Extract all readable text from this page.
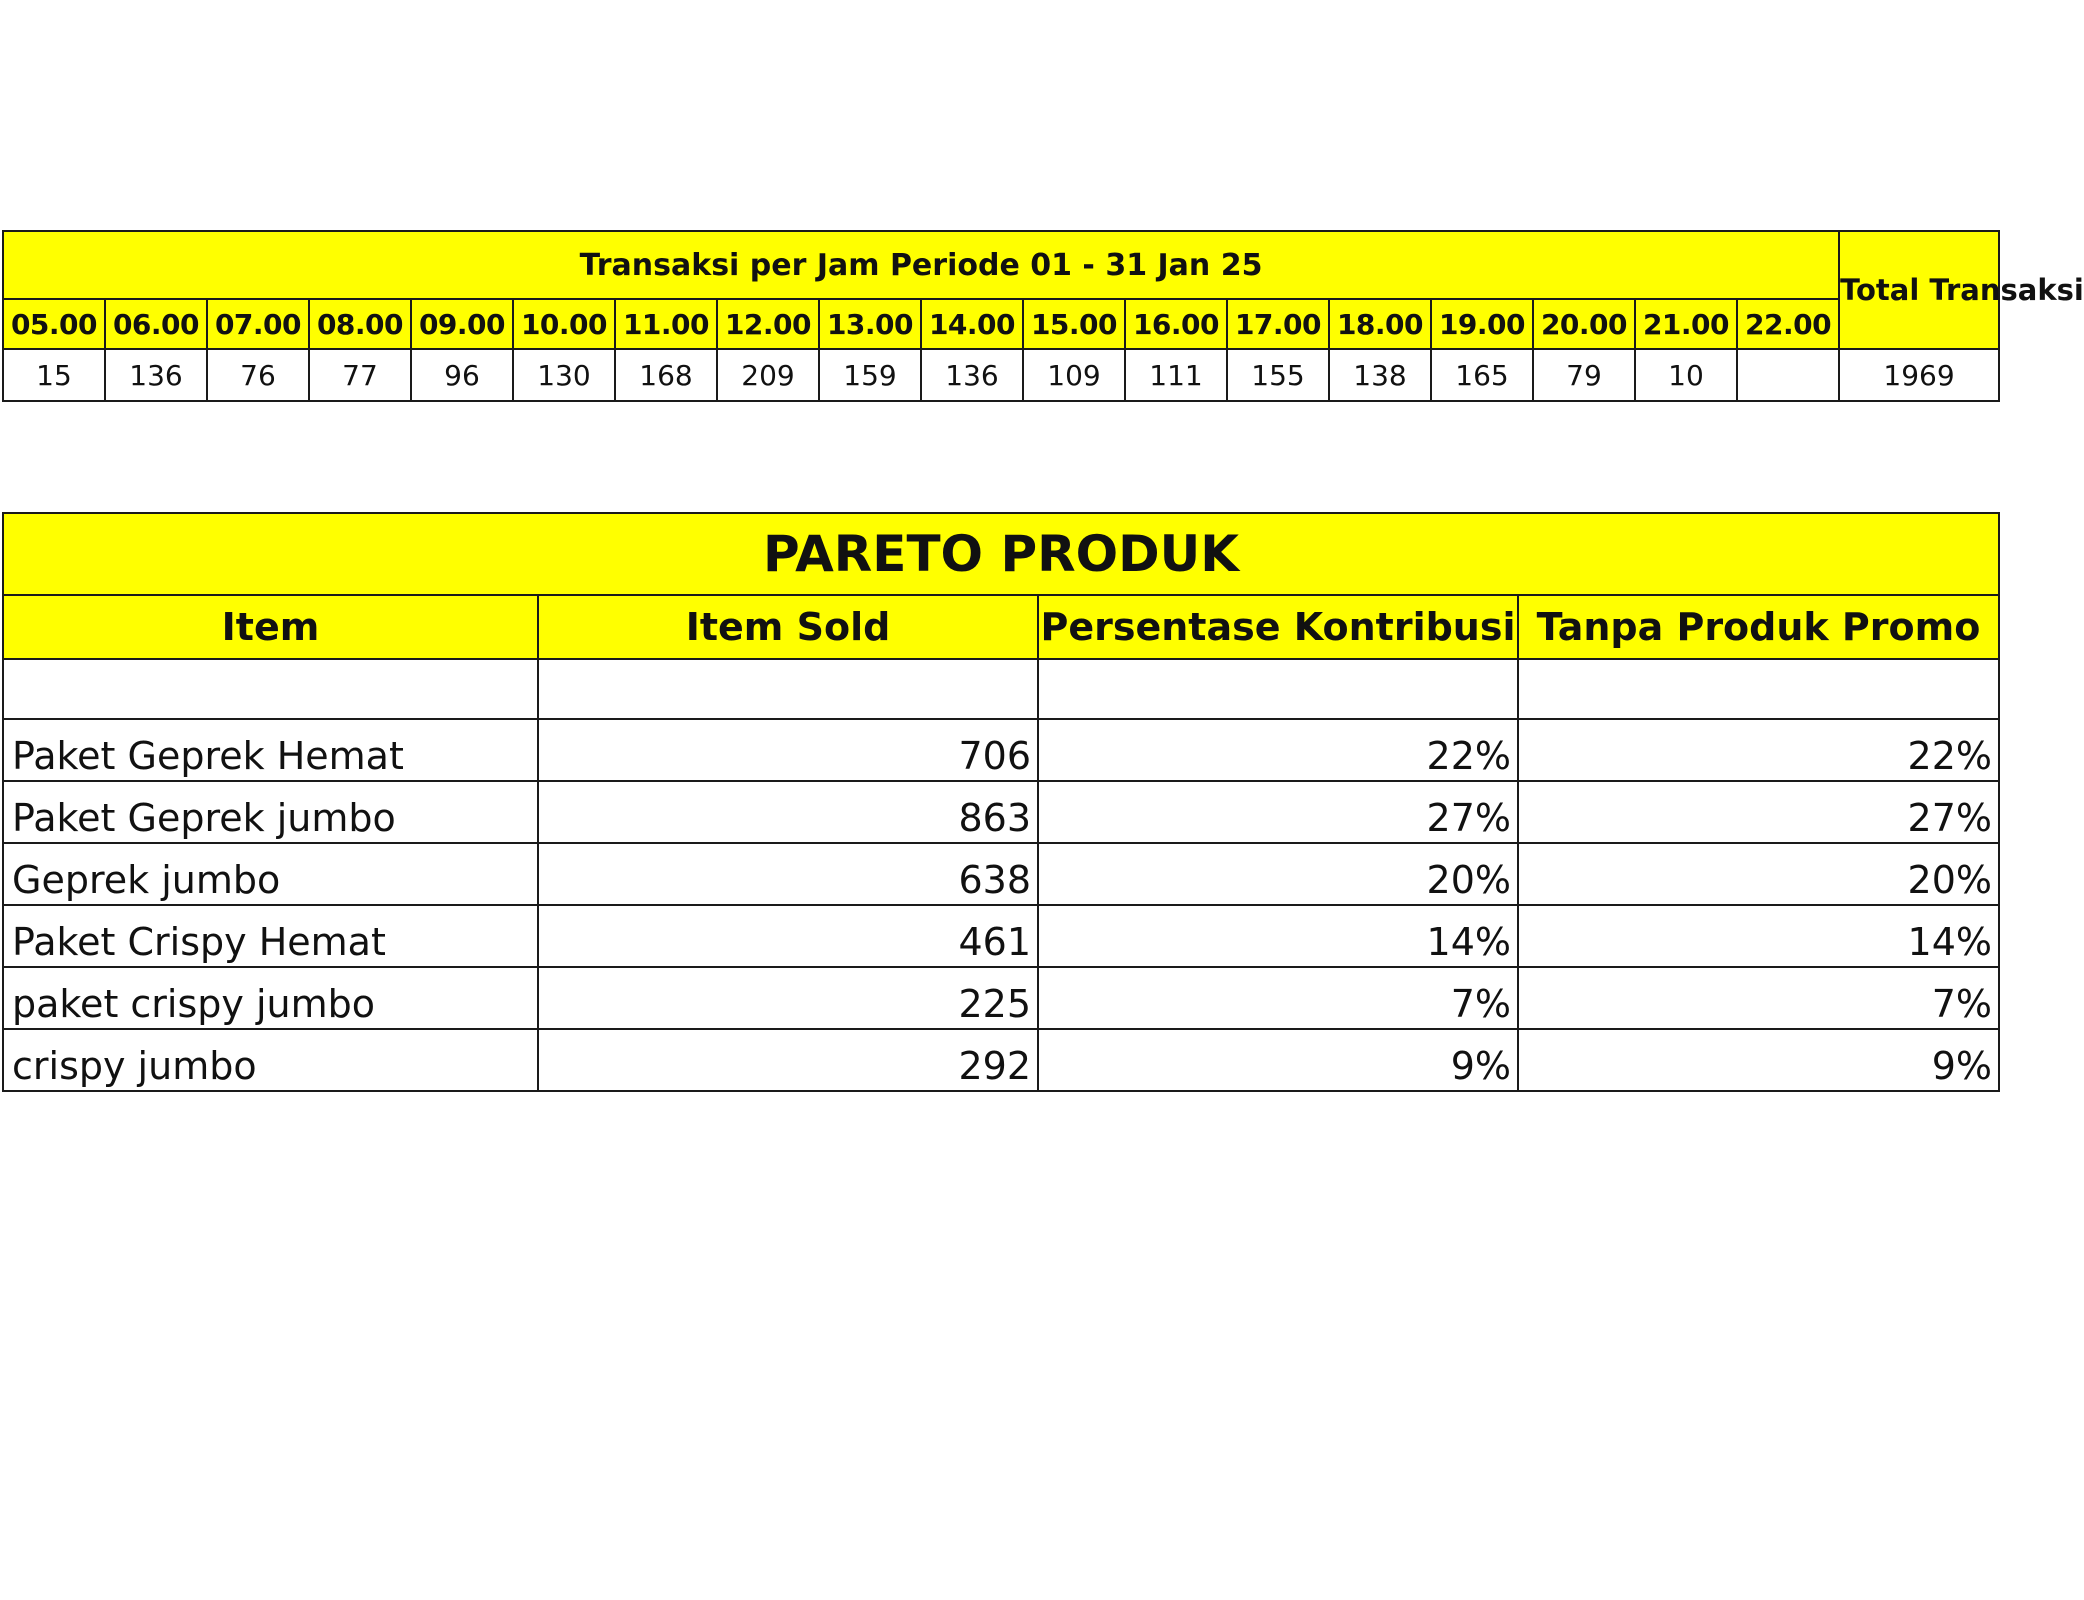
Transaksi per Jam Periode 01 - 31 Jan 25																		Total Transaksi
05.00	06.00	07.00	08.00	09.00	10.00	11.00	12.00	13.00	14.00	15.00	16.00	17.00	18.00	19.00	20.00	21.00	22.00	
15	136	76	77	96	130	168	209	159	136	109	111	155	138	165	79	10		1969
PARETO PRODUK			
Item	Item Sold	Persentase Kontribusi	Tanpa Produk Promo

Paket Geprek Hemat	706	22%	22%
Paket Geprek jumbo	863	27%	27%
Geprek jumbo	638	20%	20%
Paket Crispy Hemat	461	14%	14%
paket crispy jumbo	225	7%	7%
crispy jumbo	292	9%	9%
